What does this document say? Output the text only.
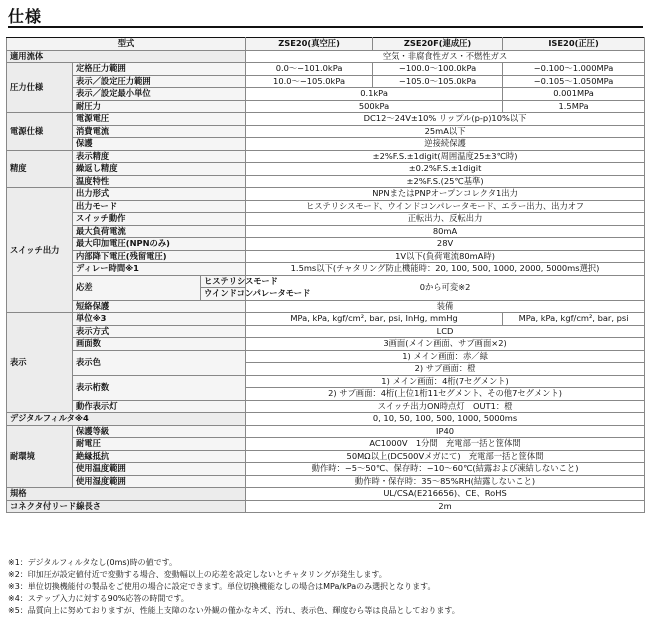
仕様
型式			ZSE20(真空圧)	ZSE20F(連成圧)	ISE20(正圧)
適用流体			空気・非腐食性ガス・不燃性ガス		
圧力仕様	定格圧力範囲		0.0〜−101.0kPa	−100.0〜100.0kPa	−0.100〜1.000MPa
	表示／設定圧力範囲		10.0〜−105.0kPa	−105.0〜105.0kPa	−0.105〜1.050MPa
	表示／設定最小単位		0.1kPa		0.001MPa
	耐圧力		500kPa		1.5MPa
電源仕様	電源電圧		DC12〜24V±10% リップル(p-p)10%以下		
	消費電流		25mA以下		
	保護		逆接続保護		
精度	表示精度		±2%F.S.±1digit(周囲温度25±3℃時)		
	繰返し精度		±0.2%F.S.±1digit		
	温度特性		±2%F.S.(25℃基準)		
スイッチ出力	出力形式		NPNまたはPNPオープンコレクタ1出力		
	出力モード		ヒステリシスモード、ウインドコンパレータモード、エラー出力、出力オフ		
	スイッチ動作		正転出力、反転出力		
	最大負荷電流		80mA		
	最大印加電圧(NPNのみ)		28V		
	内部降下電圧(残留電圧)		1V以下(負荷電流80mA時)		
	ディレー時間※1		1.5ms以下(チャタリング防止機能時：20, 100, 500, 1000, 2000, 5000ms選択)		
	応差	ヒステリシスモード	0から可変※2		
		ウインドコンパレータモード			
	短絡保護		装備		
表示	単位※3		MPa, kPa, kgf/cm², bar, psi, InHg, mmHg		MPa, kPa, kgf/cm², bar, psi
	表示方式		LCD		
	画面数		3画面(メイン画面、サブ画面×2)		
	表示色		1) メイン画面：赤／緑		
			2) サブ画面：橙		
	表示桁数		1) メイン画面：4桁(7セグメント)		
			2) サブ画面：4桁(上位1桁11セグメント、その他7セグメント)		
	動作表示灯		スイッチ出力ON時点灯　OUT1：橙		
デジタルフィルタ※4			0, 10, 50, 100, 500, 1000, 5000ms		
耐環境	保護等級		IP40		
	耐電圧		AC1000V　1分間　充電部一括と筐体間		
	絶縁抵抗		50MΩ以上(DC500Vメガにて)　充電部一括と筐体間		
	使用温度範囲		動作時：−5〜50℃、保存時：−10〜60℃(結露および凍結しないこと)		
	使用湿度範囲		動作時・保存時：35〜85%RH(結露しないこと)		
規格			UL/CSA(E216656)、CE、RoHS		
コネクタ付リード線長さ			2m		
※1：デジタルフィルタなし(0ms)時の値です。
※2：印加圧が設定値付近で変動する場合、変動幅以上の応差を設定しないとチャタリングが発生します。
※3：単位切換機能付の製品をご使用の場合に設定できます。単位切換機能なしの場合はMPa/kPaのみ選択となります。
※4：ステップ入力に対する90%応答の時間です。
※5：品質向上に努めておりますが、性能上支障のない外観の僅かなキズ、汚れ、表示色、輝度むら等は良品としております。
